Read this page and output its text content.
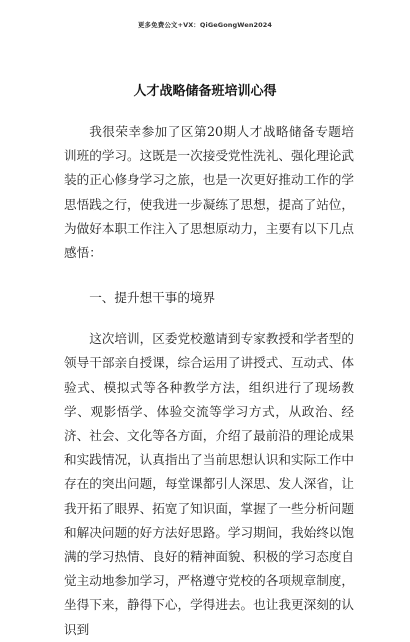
更多免费公文+VX：QiGeGongWen2024
人才战略储备班培训心得

我很荣幸参加了区第20期人才战略储备专题培训班的学习。这既是一次接受党性洗礼、强化理论武装的正心修身学习之旅，也是一次更好推动工作的学思悟践之行，使我进一步凝练了思想，提高了站位，为做好本职工作注入了思想原动力，主要有以下几点感悟：

一、提升想干事的境界

这次培训，区委党校邀请到专家教授和学者型的领导干部亲自授课，综合运用了讲授式、互动式、体验式、模拟式等各种教学方法，组织进行了现场教学、观影悟学、体验交流等学习方式，从政治、经济、社会、文化等各方面，介绍了最前沿的理论成果和实践情况，认真指出了当前思想认识和实际工作中存在的突出问题，每堂课都引人深思、发人深省，让我开拓了眼界、拓宽了知识面，掌握了一些分析问题和解决问题的好方法好思路。学习期间，我始终以饱满的学习热情、良好的精神面貌、积极的学习态度自觉主动地参加学习，严格遵守党校的各项规章制度，坐得下来，静得下心，学得进去。也让我更深刻的认识到
